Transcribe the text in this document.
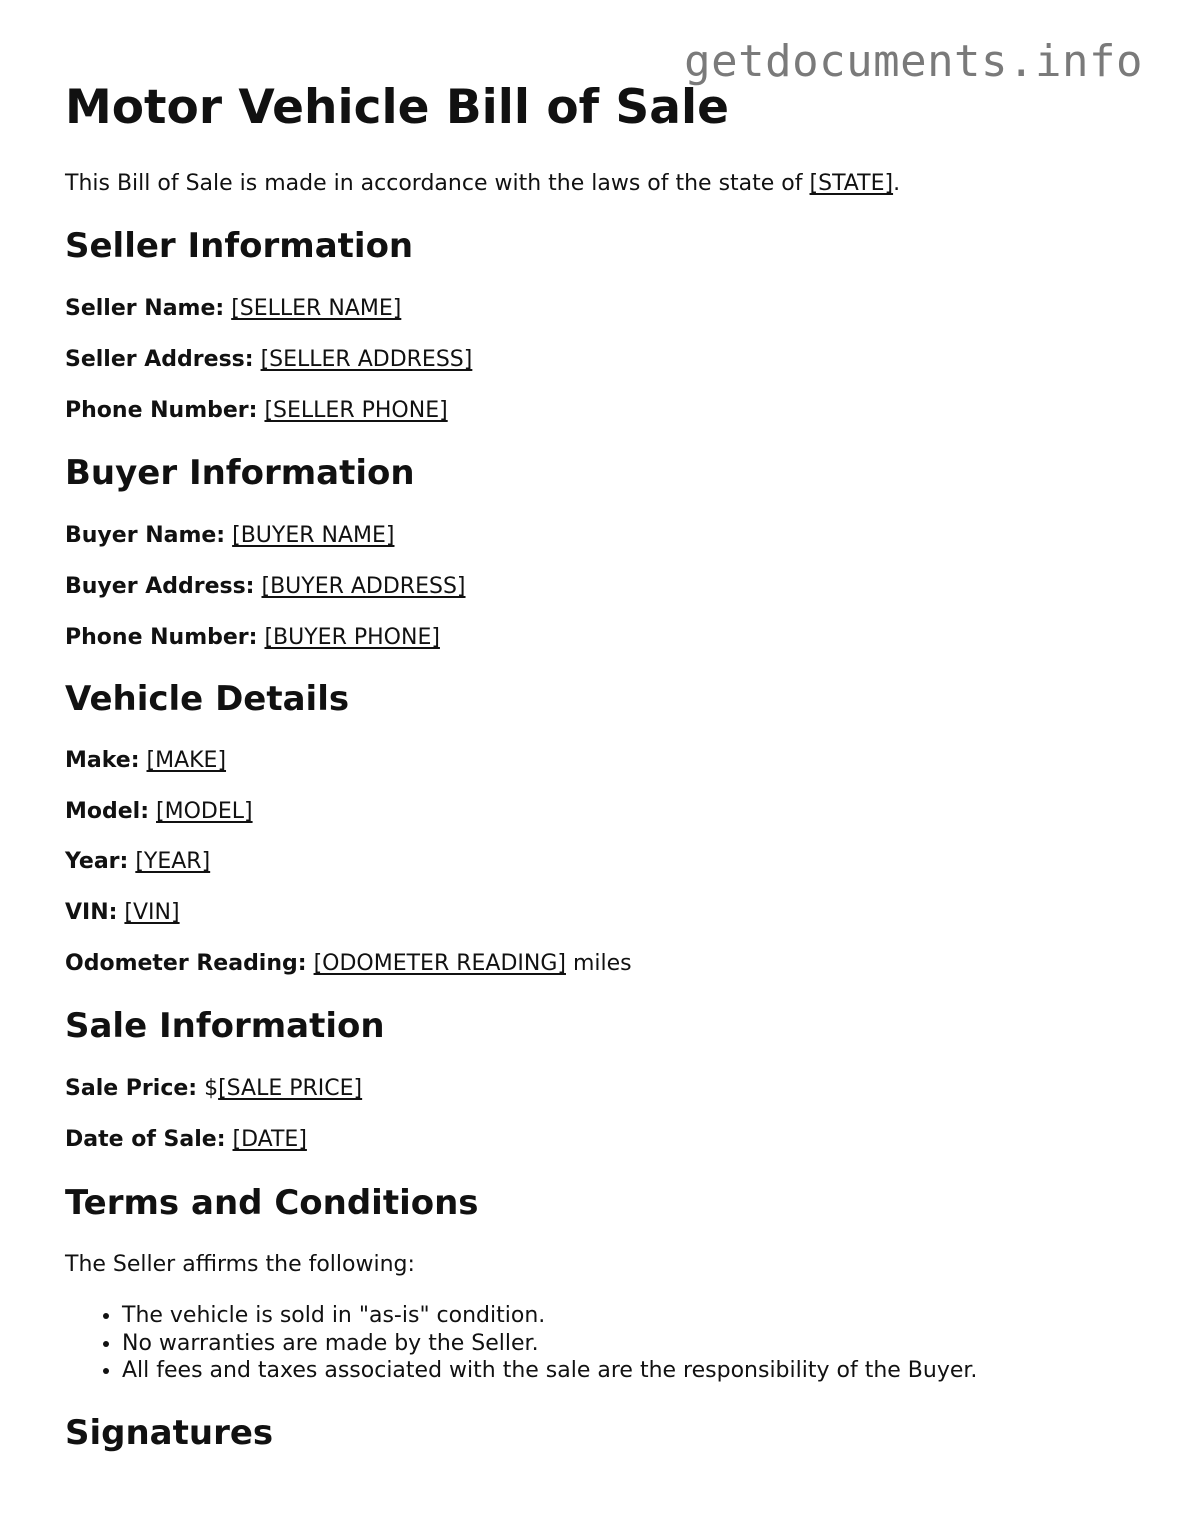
getdocuments.info
Motor Vehicle Bill of Sale

This Bill of Sale is made in accordance with the laws of the state of [STATE].

Seller Information

Seller Name: [SELLER NAME]

Seller Address: [SELLER ADDRESS]

Phone Number: [SELLER PHONE]

Buyer Information

Buyer Name: [BUYER NAME]

Buyer Address: [BUYER ADDRESS]

Phone Number: [BUYER PHONE]

Vehicle Details

Make: [MAKE]

Model: [MODEL]

Year: [YEAR]

VIN: [VIN]

Odometer Reading: [ODOMETER READING] miles

Sale Information

Sale Price: $[SALE PRICE]

Date of Sale: [DATE]

Terms and Conditions

The Seller affirms the following:

• The vehicle is sold in "as-is" condition.
• No warranties are made by the Seller.
• All fees and taxes associated with the sale are the responsibility of the Buyer.
Signatures
